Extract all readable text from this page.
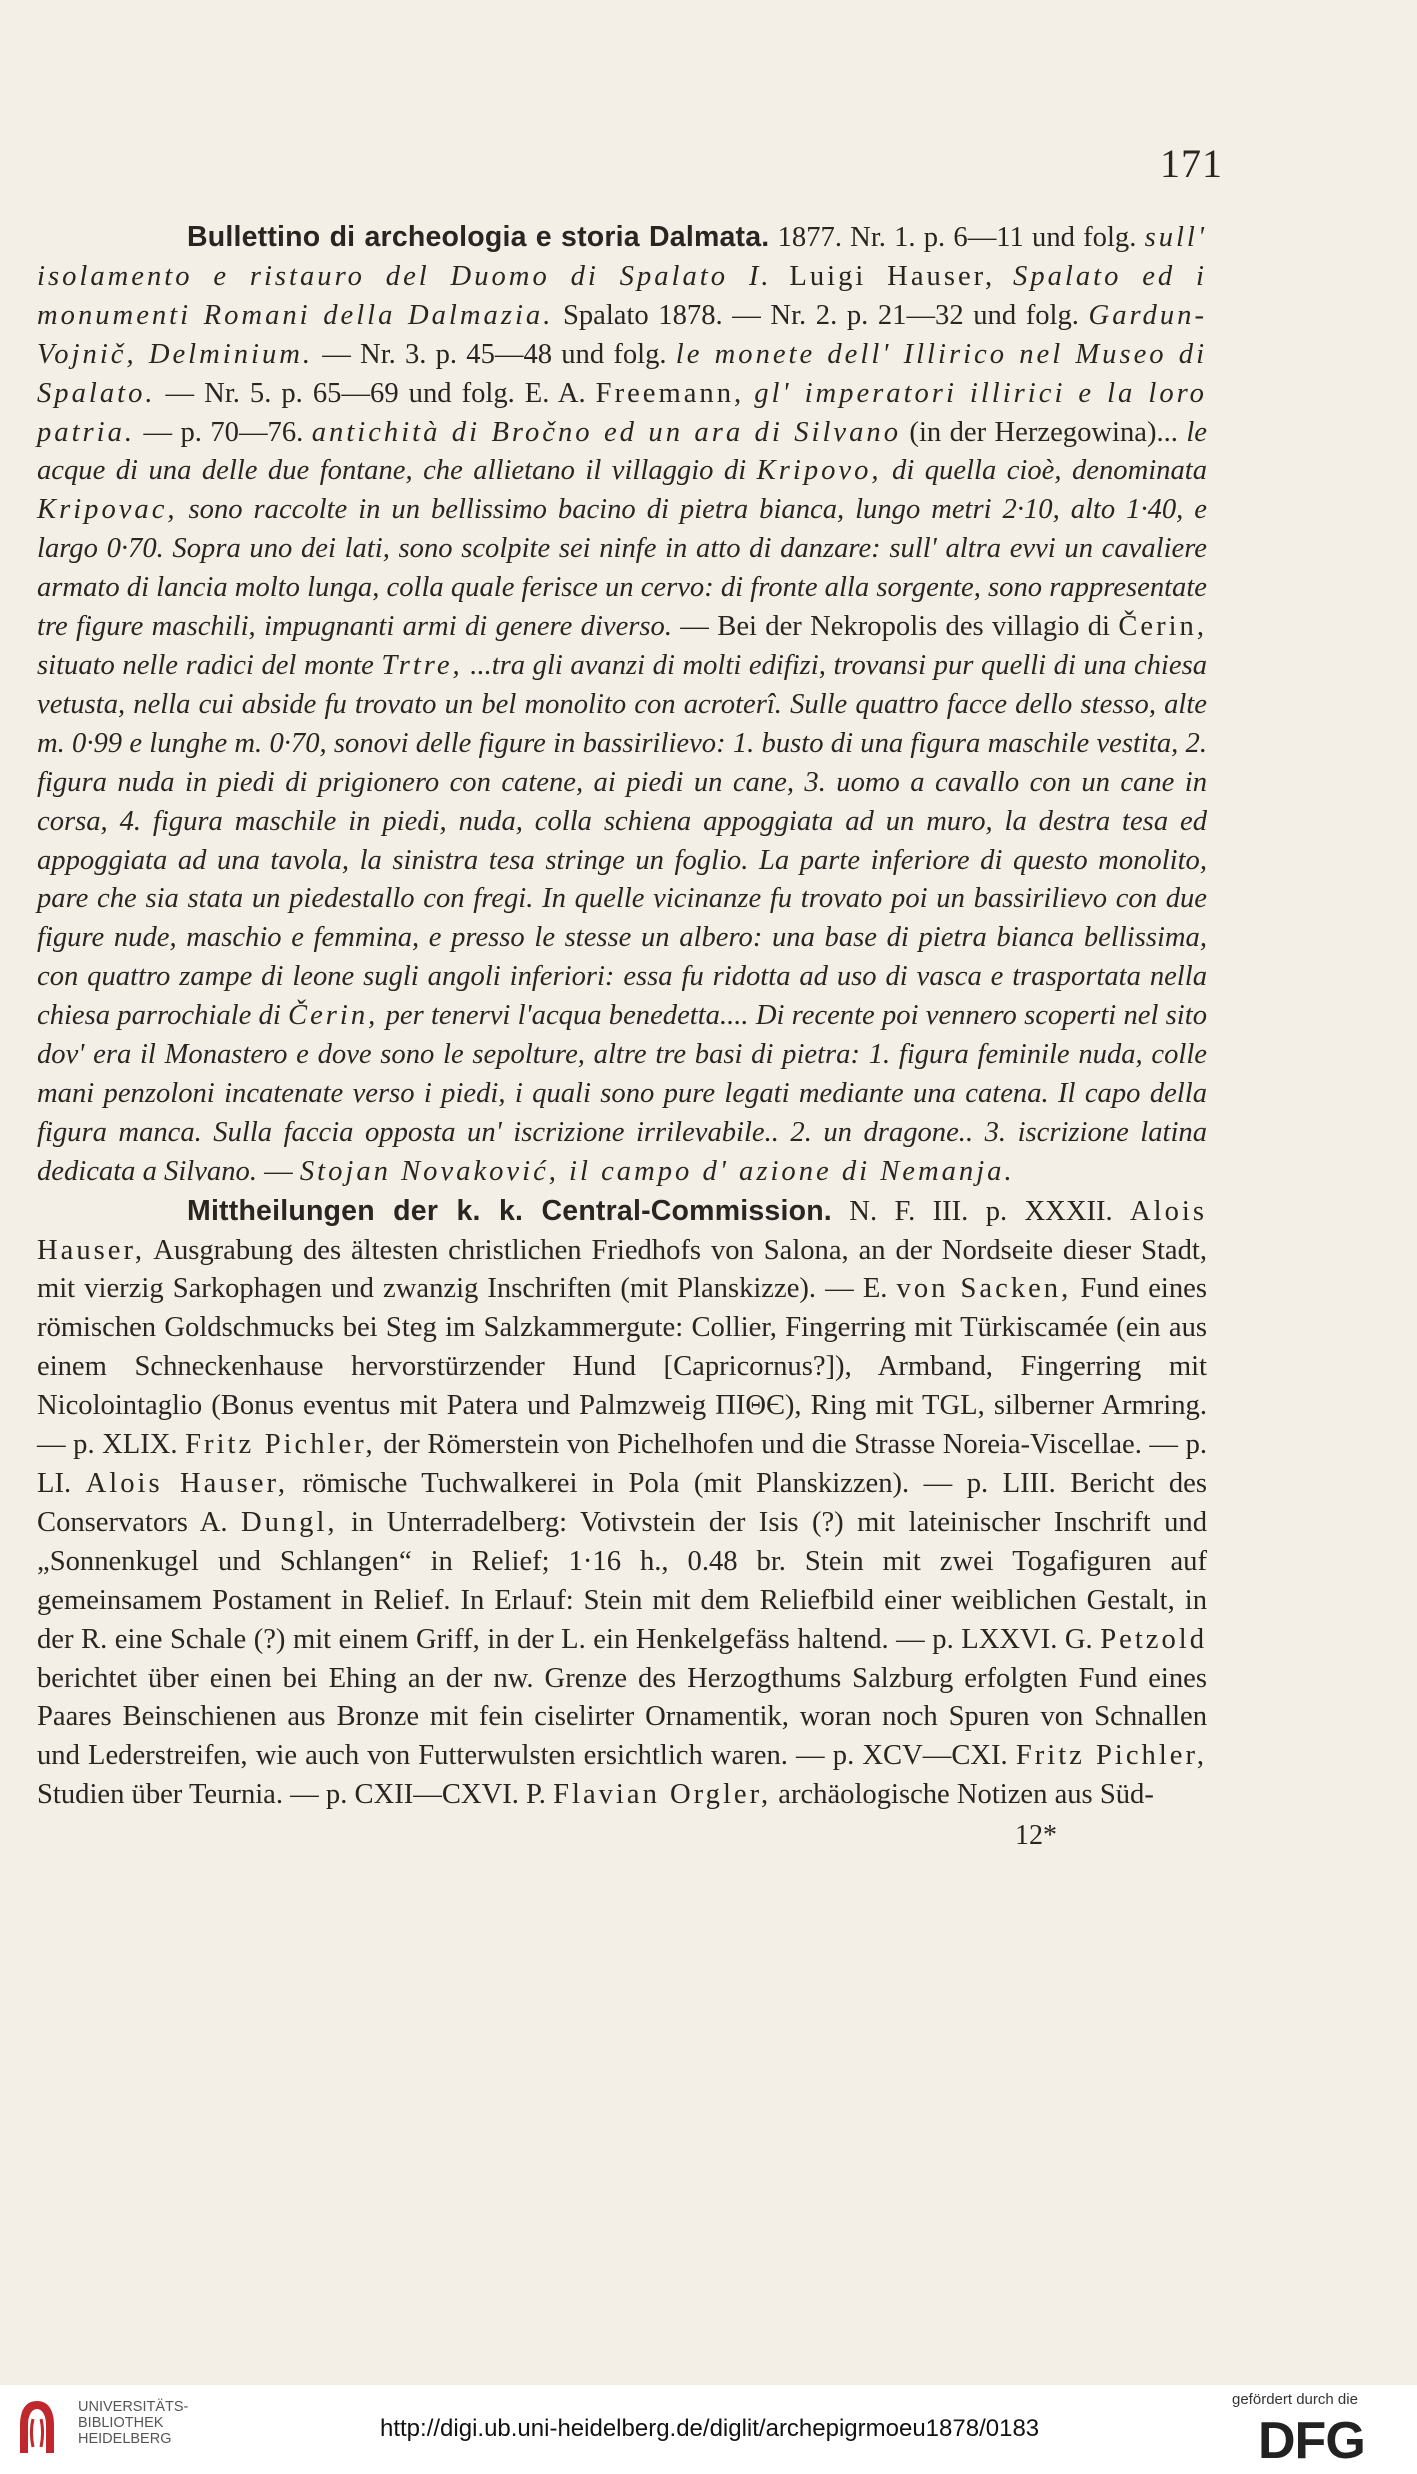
171

Bullettino di archeologia e storia Dalmata. 1877. Nr. 1. p. 6—11 und folg. sull' isolamento e ristauro del Duomo di Spalato I. Luigi Hauser, Spalato ed i monumenti Romani della Dalmazia. Spalato 1878. — Nr. 2. p. 21—32 und folg. Gardun-Vojnič, Delminium. — Nr. 3. p. 45—48 und folg. le monete dell' Illirico nel Museo di Spalato. — Nr. 5. p. 65—69 und folg. E. A. Freemann, gl' imperatori illirici e la loro patria. — p. 70—76. antichità di Bročno ed un ara di Silvano (in der Herzegowina)... le acque di una delle due fontane, che allietano il villaggio di Kripovo, di quella cioè, denominata Kripovac, sono raccolte in un bellissimo bacino di pietra bianca, lungo metri 2·10, alto 1·40, e largo 0·70. Sopra uno dei lati, sono scolpite sei ninfe in atto di danzare: sull' altra evvi un cavaliere armato di lancia molto lunga, colla quale ferisce un cervo: di fronte alla sorgente, sono rappresentate tre figure maschili, impugnanti armi di genere diverso. — Bei der Nekropolis des villagio di Čerin, situato nelle radici del monte Trtre, ...tra gli avanzi di molti edifizi, trovansi pur quelli di una chiesa vetusta, nella cui abside fu trovato un bel monolito con acroterî. Sulle quattro facce dello stesso, alte m. 0·99 e lunghe m. 0·70, sonovi delle figure in bassirilievo: 1. busto di una figura maschile vestita, 2. figura nuda in piedi di prigionero con catene, ai piedi un cane, 3. uomo a cavallo con un cane in corsa, 4. figura maschile in piedi, nuda, colla schiena appoggiata ad un muro, la destra tesa ed appoggiata ad una tavola, la sinistra tesa stringe un foglio. La parte inferiore di questo monolito, pare che sia stata un piedestallo con fregi. In quelle vicinanze fu trovato poi un bassirilievo con due figure nude, maschio e femmina, e presso le stesse un albero: una base di pietra bianca bellissima, con quattro zampe di leone sugli angoli inferiori: essa fu ridotta ad uso di vasca e trasportata nella chiesa parrochiale di Čerin, per tenervi l'acqua benedetta.... Di recente poi vennero scoperti nel sito dov' era il Monastero e dove sono le sepolture, altre tre basi di pietra: 1. figura feminile nuda, colle mani penzoloni incatenate verso i piedi, i quali sono pure legati mediante una catena. Il capo della figura manca. Sulla faccia opposta un' iscrizione irrilevabile.. 2. un dragone.. 3. iscrizione latina dedicata a Silvano. — Stojan Novaković, il campo d' azione di Nemanja.

Mittheilungen der k. k. Central-Commission. N. F. III. p. XXXII. Alois Hauser, Ausgrabung des ältesten christlichen Friedhofs von Salona, an der Nordseite dieser Stadt, mit vierzig Sarkophagen und zwanzig Inschriften (mit Planskizze). — E. von Sacken, Fund eines römischen Goldschmucks bei Steg im Salzkammergute: Collier, Fingerring mit Türkiscamée (ein aus einem Schneckenhause hervorstürzender Hund [Capricornus?]), Armband, Fingerring mit Nicolointaglio (Bonus eventus mit Patera und Palmzweig ΠΙΘЄ), Ring mit TGL, silberner Armring. — p. XLIX. Fritz Pichler, der Römerstein von Pichelhofen und die Strasse Noreia-Viscellae. — p. LI. Alois Hauser, römische Tuchwalkerei in Pola (mit Planskizzen). — p. LIII. Bericht des Conservators A. Dungl, in Unterradelberg: Votivstein der Isis (?) mit lateinischer Inschrift und „Sonnenkugel und Schlangen“ in Relief; 1·16 h., 0.48 br. Stein mit zwei Togafiguren auf gemeinsamem Postament in Relief. In Erlauf: Stein mit dem Reliefbild einer weiblichen Gestalt, in der R. eine Schale (?) mit einem Griff, in der L. ein Henkelgefäss haltend. — p. LXXVI. G. Petzold berichtet über einen bei Ehing an der nw. Grenze des Herzogthums Salzburg erfolgten Fund eines Paares Beinschienen aus Bronze mit fein ciselirter Ornamentik, woran noch Spuren von Schnallen und Lederstreifen, wie auch von Futterwulsten ersichtlich waren. — p. XCV—CXI. Fritz Pichler, Studien über Teurnia. — p. CXII—CXVI. P. Flavian Orgler, archäologische Notizen aus Süd-

12*
UNIVERSITÄTS-
BIBLIOTHEK
HEIDELBERG	http://digi.ub.uni-heidelberg.de/diglit/archepigrmoeu1878/0183
gefördert durch die
DFG
